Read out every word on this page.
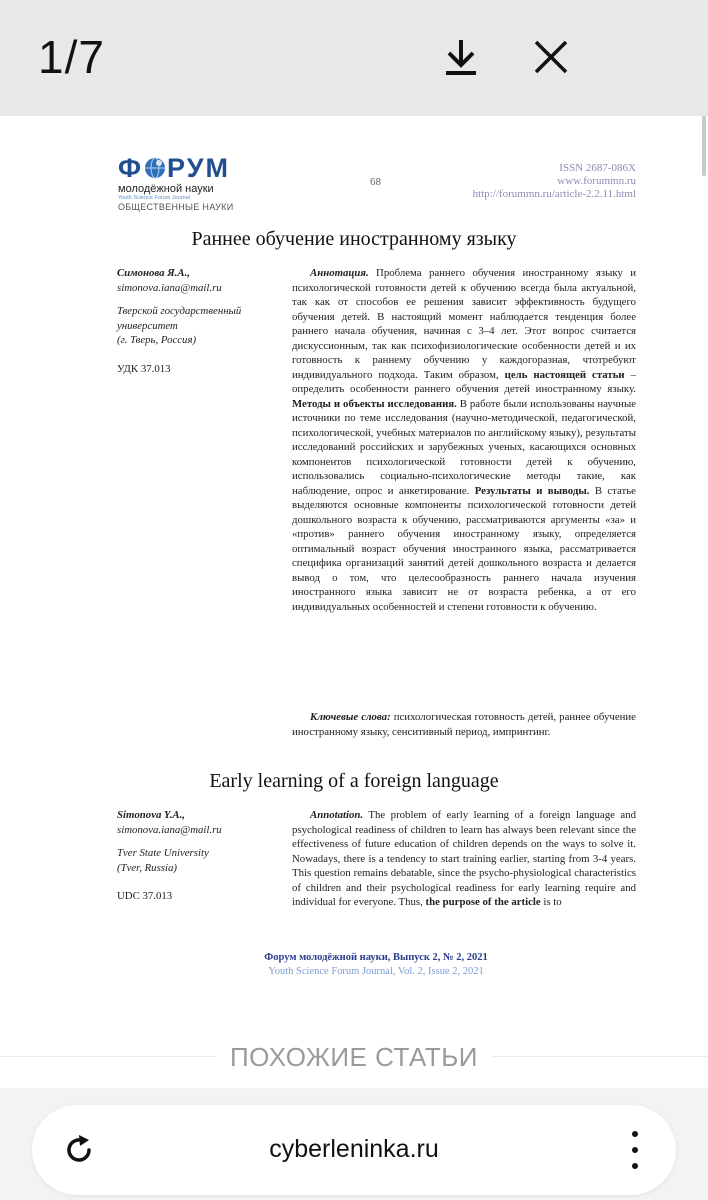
1/7
Ф РУМ
молодёжной науки
Youth Science Forum Journal
ОБЩЕСТВЕННЫЕ НАУКИ
68
ISSN 2687-086X
www.forummn.ru
http://forummn.ru/article-2.2.11.html
Раннее обучение иностранному языку
Симонова Я.А.,
simonova.iana@mail.ru
Тверской государственный
университет
(г. Тверь, Россия)
УДК 37.013
Аннотация. Проблема раннего обучения иностранному языку и психологической готовности детей к обучению всегда была актуальной, так как от способов ее решения зависит эффективность будущего обучения детей. В настоящий момент наблюдается тенденция более раннего начала обучения, начиная с 3–4 лет. Этот вопрос считается дискуссионным, так как психофизиологические особенности детей и их готовность к раннему обучению у каждогоразная, чтотребуют индивидуального подхода. Таким образом, цель настоящей статьи – определить особенности раннего обучения детей иностранному языку. Методы и объекты исследования. В работе были использованы научные источники по теме исследования (научно-методической, педагогической, психологической, учебных материалов по английскому языку), результаты исследований российских и зарубежных ученых, касающихся основных компонентов психологической готовности детей к обучению, использовались социально-психологические методы такие, как наблюдение, опрос и анкетирование. Результаты и выводы. В статье выделяются основные компоненты психологической готовности детей дошкольного возраста к обучению, рассматриваются аргументы «за» и «против» раннего обучения иностранному языку, определяется оптимальный возраст обучения иностранного языка, рассматривается специфика организаций занятий детей дошкольного возраста и делается вывод о том, что целесообразность раннего начала изучения иностранного языка зависит не от возраста ребенка, а от его индивидуальных особенностей и степени готовности к обучению.
Ключевые слова: психологическая готовность детей, раннее обучение иностранному языку, сенситивный период, импринтинг.
Early learning of a foreign language
Simonova Y.A.,
simonova.iana@mail.ru
Tver State University
(Tver, Russia)
UDC 37.013
Annotation. The problem of early learning of a foreign language and psychological readiness of children to learn has always been relevant since the effectiveness of future education of children depends on the ways to solve it. Nowadays, there is a tendency to start training earlier, starting from 3-4 years. This question remains debatable, since the psycho-physiological characteristics of children and their psychological readiness for early learning require and individual for everyone. Thus, the purpose of the article is to
Форум молодёжной науки, Выпуск 2, № 2, 2021
Youth Science Forum Journal, Vol. 2, Issue 2, 2021
ПОХОЖИЕ СТАТЬИ
cyberleninka.ru
